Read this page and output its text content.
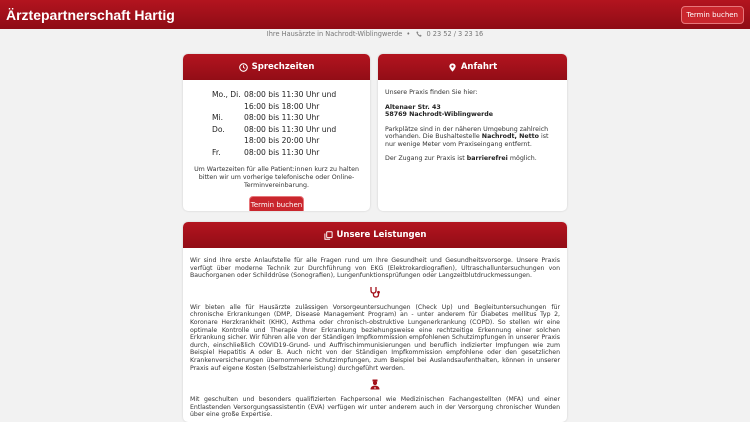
Ärztepartnerschaft Hartig	Termin buchen
Ihre Hausärzte in Nachrodt-Wiblingwerde • 0 23 52 / 3 23 16
Sprechzeiten
Mo., Di.	08:00 bis 11:30 Uhr und
	16:00 bis 18:00 Uhr
Mi.	08:00 bis 11:30 Uhr
Do.	08:00 bis 11:30 Uhr und
	18:00 bis 20:00 Uhr
Fr.	08:00 bis 11:30 Uhr

Um Wartezeiten für alle Patient:innen kurz zu halten bitten wir um vorherige telefonische oder Online-Terminvereinbarung.

Termin buchen
Anfahrt

Unsere Praxis finden Sie hier:

Altenaer Str. 43
58769 Nachrodt-Wiblingwerde

Parkplätze sind in der näheren Umgebung zahlreich vorhanden. Die Bushaltestelle Nachrodt, Netto ist nur wenige Meter vom Praxiseingang entfernt.

Der Zugang zur Praxis ist barrierefrei möglich.

Unsere Leistungen

Wir sind Ihre erste Anlaufstelle für alle Fragen rund um Ihre Gesundheit und Gesundheitsvorsorge. Unsere Praxis verfügt über moderne Technik zur Durchführung von EKG (Elektrokardiografien), Ultraschalluntersuchungen von Bauchorganen oder Schilddrüse (Sonografien), Lungenfunktionsprüfungen oder Langzeitblutdruckmessungen.

Wir bieten alle für Hausärzte zulässigen Vorsorgeuntersuchungen (Check Up) und Begleituntersuchungen für chronische Erkrankungen (DMP, Disease Management Program) an - unter anderem für Diabetes mellitus Typ 2, Koronare Herzkrankheit (KHK), Asthma oder chronisch-obstruktive Lungenerkrankung (COPD). So stellen wir eine optimale Kontrolle und Therapie Ihrer Erkrankung beziehungsweise eine rechtzeitige Erkennung einer solchen Erkrankung sicher. Wir führen alle von der Ständigen Impfkommission empfohlenen Schutzimpfungen in unserer Praxis durch, einschließlich COVID19-Grund- und Auffrischimmunisierungen und beruflich indizierter Impfungen wie zum Beispiel Hepatitis A oder B. Auch nicht von der Ständigen Impfkommission empfohlene oder den gesetzlichen Krankenversicherungen übernommene Schutzimpfungen, zum Beispiel bei Auslandsaufenthalten, können in unserer Praxis auf eigene Kosten (Selbstzahlerleistung) durchgeführt werden.

Mit geschulten und besonders qualifizierten Fachpersonal wie Medizinischen Fachangestellten (MFA) und einer Entlastenden Versorgungsassistentin (EVA) verfügen wir unter anderem auch in der Versorgung chronischer Wunden über eine große Expertise.
